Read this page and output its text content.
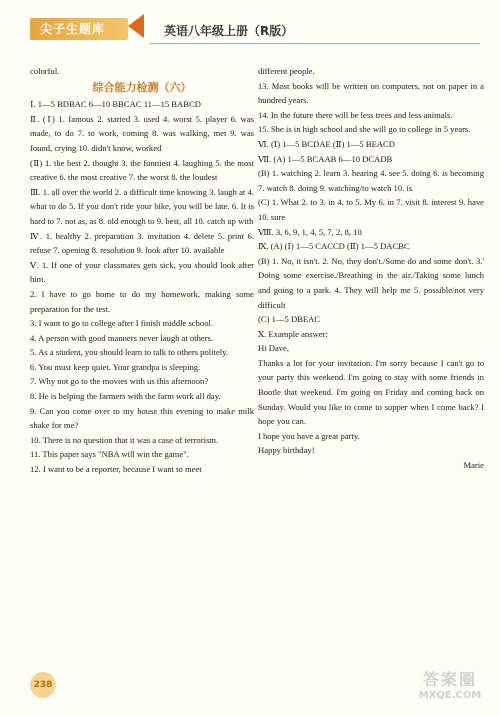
尖子生题库	英语八年级上册（R版）

colorful.

综合能力检测（六）

Ⅰ. 1—5 BDBAC 6—10 BBCAC 11—15 BABCD

Ⅱ. (Ⅰ) 1. famous 2. started 3. used 4. worst 5. player 6. was made, to do 7. to work, coming 8. was walking, met 9. was found, crying 10. didn't know, worked

(Ⅱ) 1. the best 2. thought 3. the funniest 4. laughing 5. the most creative 6. the most creative 7. the worst 8. the loudest

Ⅲ. 1. all over the world 2. a difficult time knowing 3. laugh at 4. what to do 5. If you don't ride your bike, you will be late. 6. It is hard to 7. not as, as 8. old enough to 9. best, all 10. catch up with

Ⅳ. 1. healthy 2. preparation 3. invitation 4. delete 5. print 6. refuse 7. opening 8. resolution 9. look after 10. available

Ⅴ. 1. If one of your classmates gets sick, you should look after him.

2. I have to go home to do my homework, making some preparation for the test.

3. I want to go to college after I finish middle school.

4. A person with good manners never laugh at others.

5. As a student, you should learn to talk to others politely.

6. You must keep quiet. Your grandpa is sleeping.

7. Why not go to the movies with us this afternoon?

8. He is helping the farmers with the farm work all day.

9. Can you come over to my house this evening to make milk shake for me?

10. There is no question that it was a case of terrorism.

11. This paper says "NBA will win the game".

12. I want to be a reporter, because I want to meet

different people.

13. Most books will be written on computers, not on paper in a hundred years.

14. In the future there will be less trees and less animals.

15. She is in high school and she will go to college in 5 years.

Ⅵ. (Ⅰ) 1—5 BCDAE (Ⅱ) 1—5 BEACD

Ⅶ. (A) 1—5 BCAAB 6—10 DCADB

(B) 1. watching 2. learn 3. hearing 4. see 5. doing 6. is becoming 7. watch 8. doing 9. watching/to watch 10. is

(C) 1. What 2. to 3. in 4. to 5. My 6. in 7. visit 8. interest 9. have 10. sure

Ⅷ. 3, 6, 9, 1, 4, 5, 7, 2, 8, 10

Ⅸ. (A) (Ⅰ) 1—5 CACCD (Ⅱ) 1—5 DACBC

(B) 1. No, it isn't. 2. No, they don't./Some do and some don't. 3.' Doing some exercise./Breathing in the air./Taking some lunch and going to a park. 4. They will help me 5. possible/not very difficult

(C) 1—5 DBEAC

Ⅹ. Example answer:

Hi Dave,

Thanks a lot for your invitation. I'm sorry because I can't go to your party this weekend. I'm going to stay with some friends in Bootle that weekend. I'm going on Friday and coming back on Sunday. Would you like to come to supper when I come back? I hope you can.

I hope you have a great party.

Happy birthday!

Marie

238	答案圈
MXQE.COM
